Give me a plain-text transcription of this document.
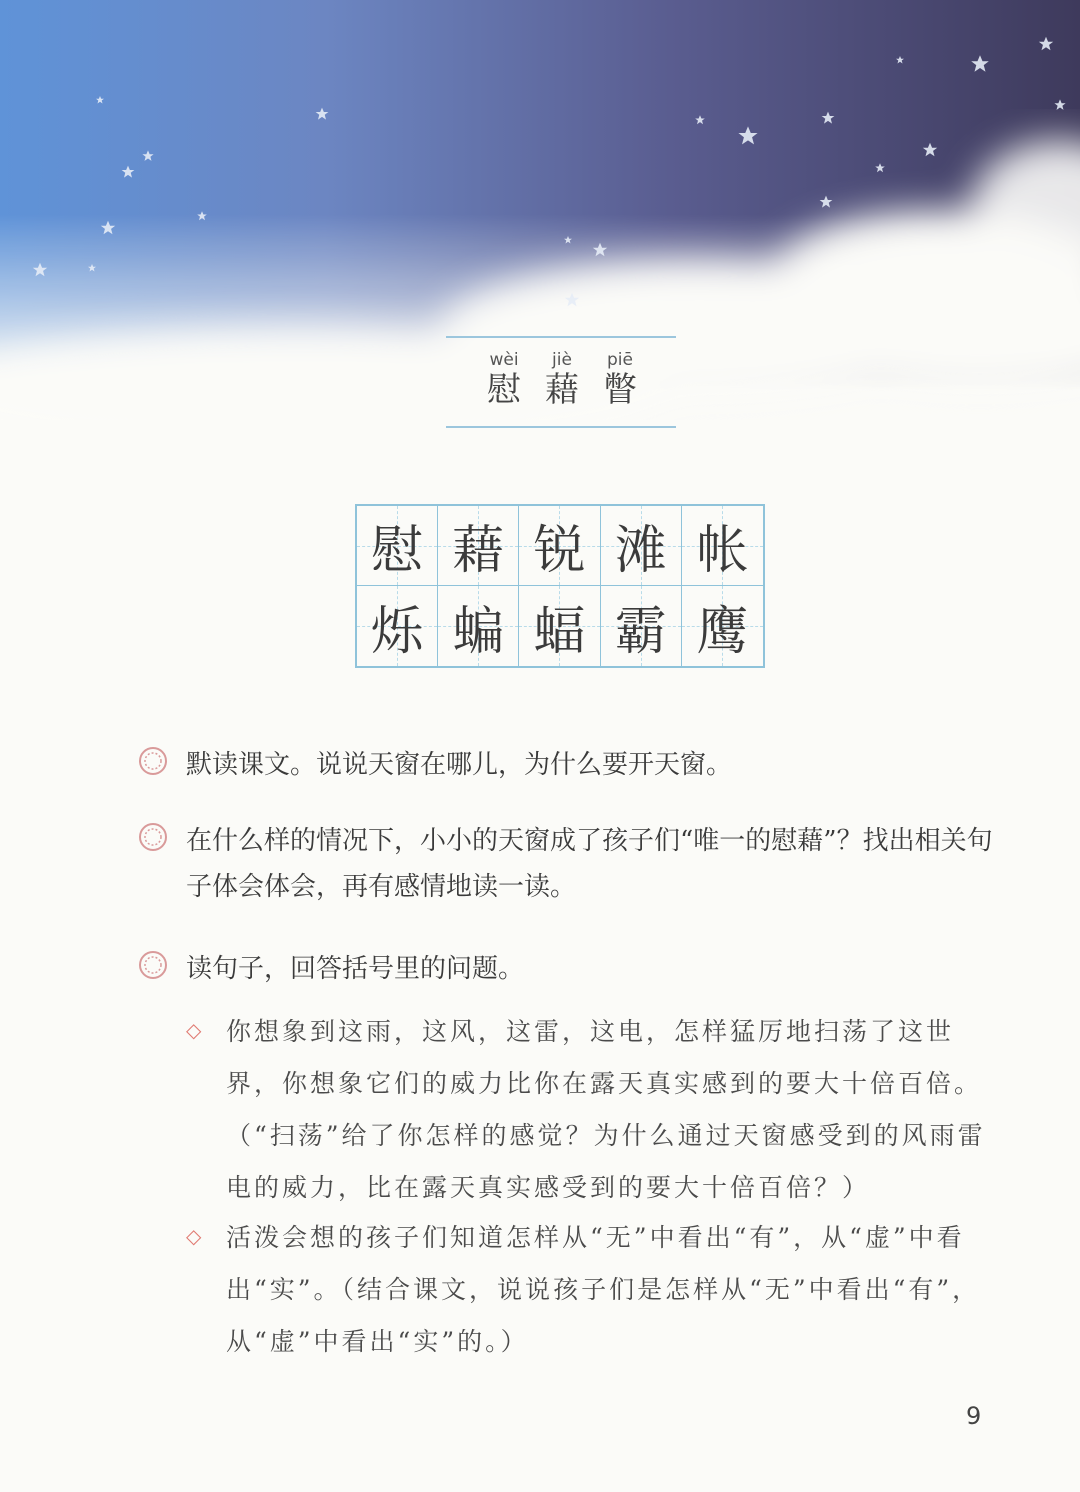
wèi
慰
jiè
藉
piē
瞥
慰 藉 锐 滩 帐
烁 蝙 蝠 霸 鹰
默读课文。说说天窗在哪儿，为什么要开天窗。
在什么样的情况下，小小的天窗成了孩子们“唯一的慰藉”？找出相关句子体会体会，再有感情地读一读。
读句子，回答括号里的问题。
◇ 你想象到这雨，这风，这雷，这电，怎样猛厉地扫荡了这世界，你想象它们的威力比你在露天真实感到的要大十倍百倍。（“扫荡”给了你怎样的感觉？为什么通过天窗感受到的风雨雷电的威力，比在露天真实感受到的要大十倍百倍？）
◇ 活泼会想的孩子们知道怎样从“无”中看出“有”，从“虚”中看出“实”。（结合课文，说说孩子们是怎样从“无”中看出“有”，从“虚”中看出“实”的。）
9
